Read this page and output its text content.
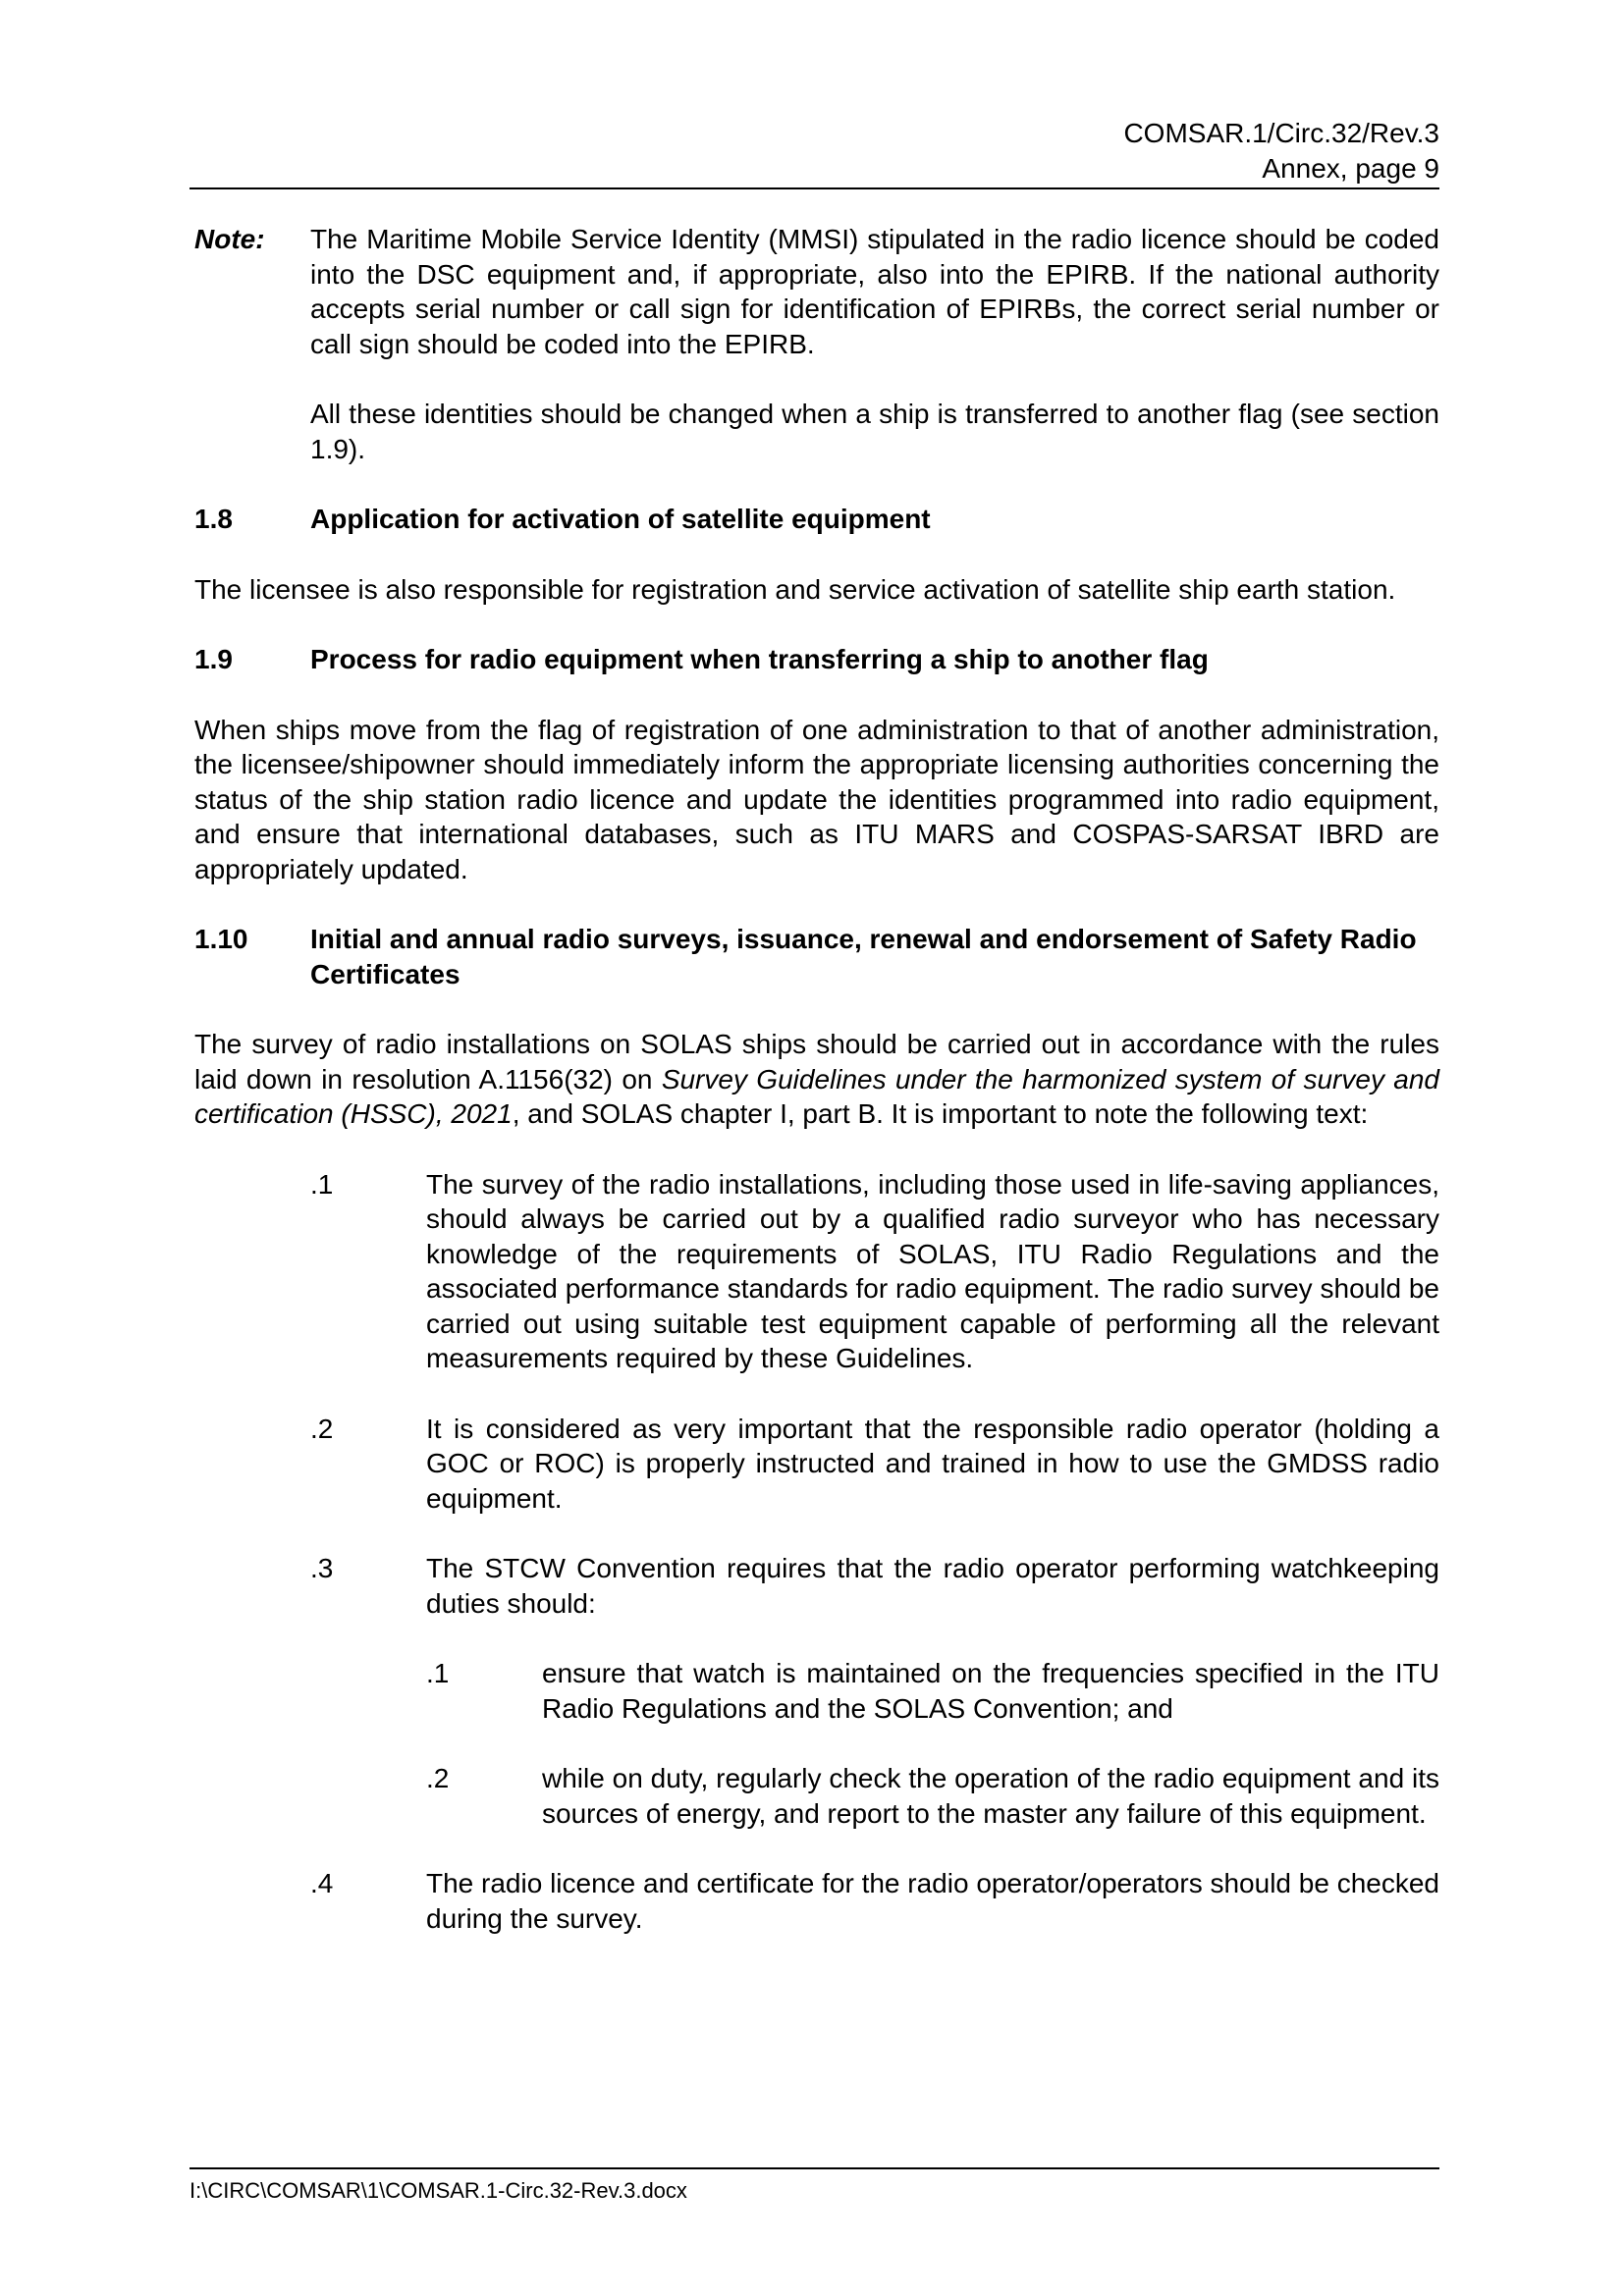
COMSAR.1/Circ.32/Rev.3
Annex, page 9
Note:	The Maritime Mobile Service Identity (MMSI) stipulated in the radio licence should be coded into the DSC equipment and, if appropriate, also into the EPIRB. If the national authority accepts serial number or call sign for identification of EPIRBs, the correct serial number or call sign should be coded into the EPIRB.

All these identities should be changed when a ship is transferred to another flag (see section 1.9).

1.8	Application for activation of satellite equipment

The licensee is also responsible for registration and service activation of satellite ship earth station.

1.9	Process for radio equipment when transferring a ship to another flag

When ships move from the flag of registration of one administration to that of another administration, the licensee/shipowner should immediately inform the appropriate licensing authorities concerning the status of the ship station radio licence and update the identities programmed into radio equipment, and ensure that international databases, such as ITU MARS and COSPAS-SARSAT IBRD are appropriately updated.

1.10	Initial and annual radio surveys, issuance, renewal and endorsement of Safety Radio Certificates

The survey of radio installations on SOLAS ships should be carried out in accordance with the rules laid down in resolution A.1156(32) on Survey Guidelines under the harmonized system of survey and certification (HSSC), 2021, and SOLAS chapter I, part B. It is important to note the following text:

.1	The survey of the radio installations, including those used in life-saving appliances, should always be carried out by a qualified radio surveyor who has necessary knowledge of the requirements of SOLAS, ITU Radio Regulations and the associated performance standards for radio equipment. The radio survey should be carried out using suitable test equipment capable of performing all the relevant measurements required by these Guidelines.
.2	It is considered as very important that the responsible radio operator (holding a GOC or ROC) is properly instructed and trained in how to use the GMDSS radio equipment.
.3	The STCW Convention requires that the radio operator performing watchkeeping duties should:
.1	ensure that watch is maintained on the frequencies specified in the ITU Radio Regulations and the SOLAS Convention; and
.2	while on duty, regularly check the operation of the radio equipment and its sources of energy, and report to the master any failure of this equipment.
.4	The radio licence and certificate for the radio operator/operators should be checked during the survey.
I:\CIRC\COMSAR\1\COMSAR.1-Circ.32-Rev.3.docx
